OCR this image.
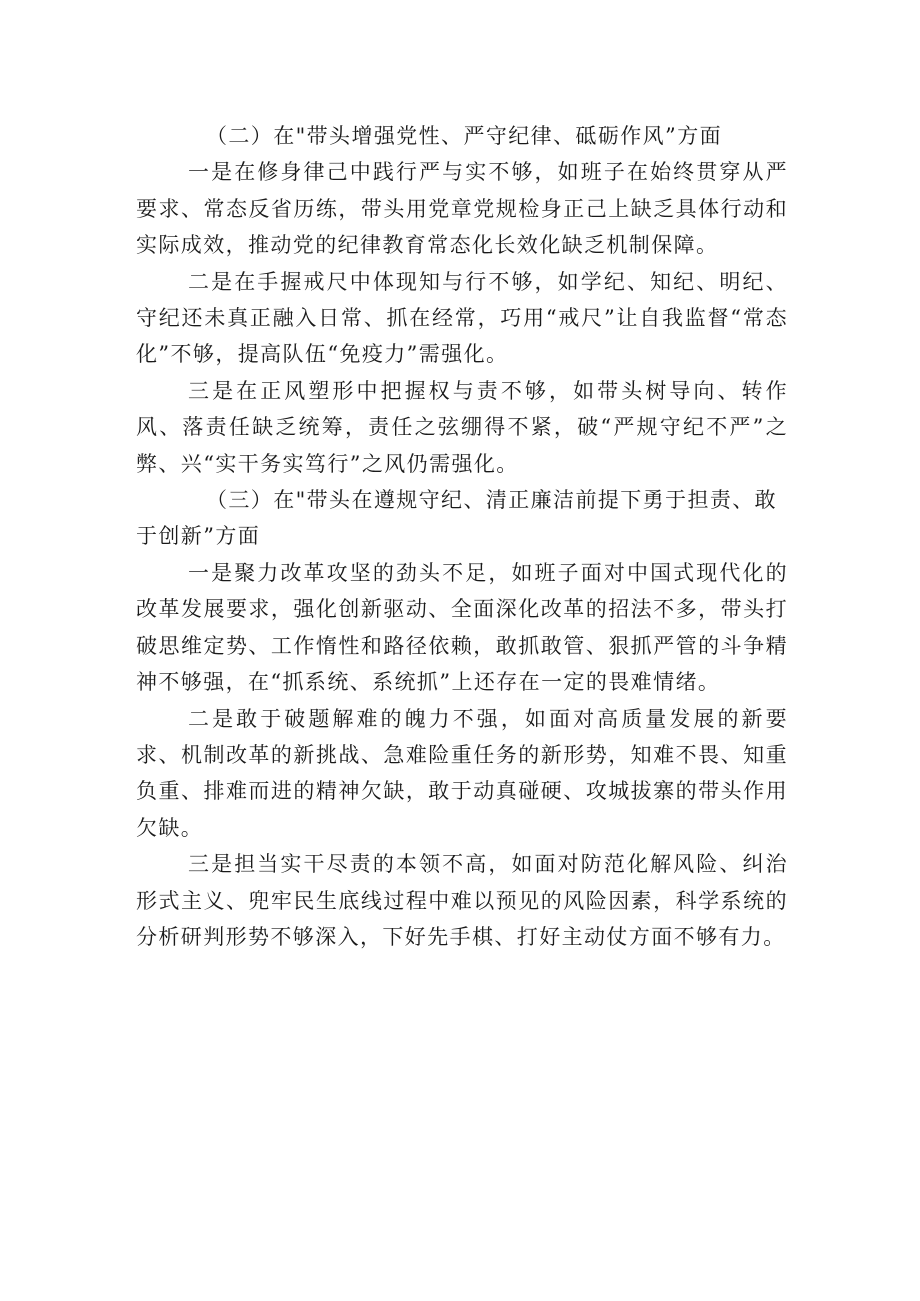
（二）在"带头增强党性、严守纪律、砥砺作风”方面

一是在修身律己中践行严与实不够，如班子在始终贯穿从严要求、常态反省历练，带头用党章党规检身正己上缺乏具体行动和实际成效，推动党的纪律教育常态化长效化缺乏机制保障。

二是在手握戒尺中体现知与行不够，如学纪、知纪、明纪、守纪还未真正融入日常、抓在经常，巧用“戒尺”让自我监督“常态化”不够，提高队伍“免疫力”需强化。

三是在正风塑形中把握权与责不够，如带头树导向、转作风、落责任缺乏统筹，责任之弦绷得不紧，破“严规守纪不严”之弊、兴“实干务实笃行”之风仍需强化。

（三）在"带头在遵规守纪、清正廉洁前提下勇于担责、敢于创新”方面

一是聚力改革攻坚的劲头不足，如班子面对中国式现代化的改革发展要求，强化创新驱动、全面深化改革的招法不多，带头打破思维定势、工作惰性和路径依赖，敢抓敢管、狠抓严管的斗争精神不够强，在“抓系统、系统抓”上还存在一定的畏难情绪。

二是敢于破题解难的魄力不强，如面对高质量发展的新要求、机制改革的新挑战、急难险重任务的新形势，知难不畏、知重负重、排难而进的精神欠缺，敢于动真碰硬、攻城拔寨的带头作用欠缺。

三是担当实干尽责的本领不高，如面对防范化解风险、纠治形式主义、兜牢民生底线过程中难以预见的风险因素，科学系统的分析研判形势不够深入，下好先手棋、打好主动仗方面不够有力。
